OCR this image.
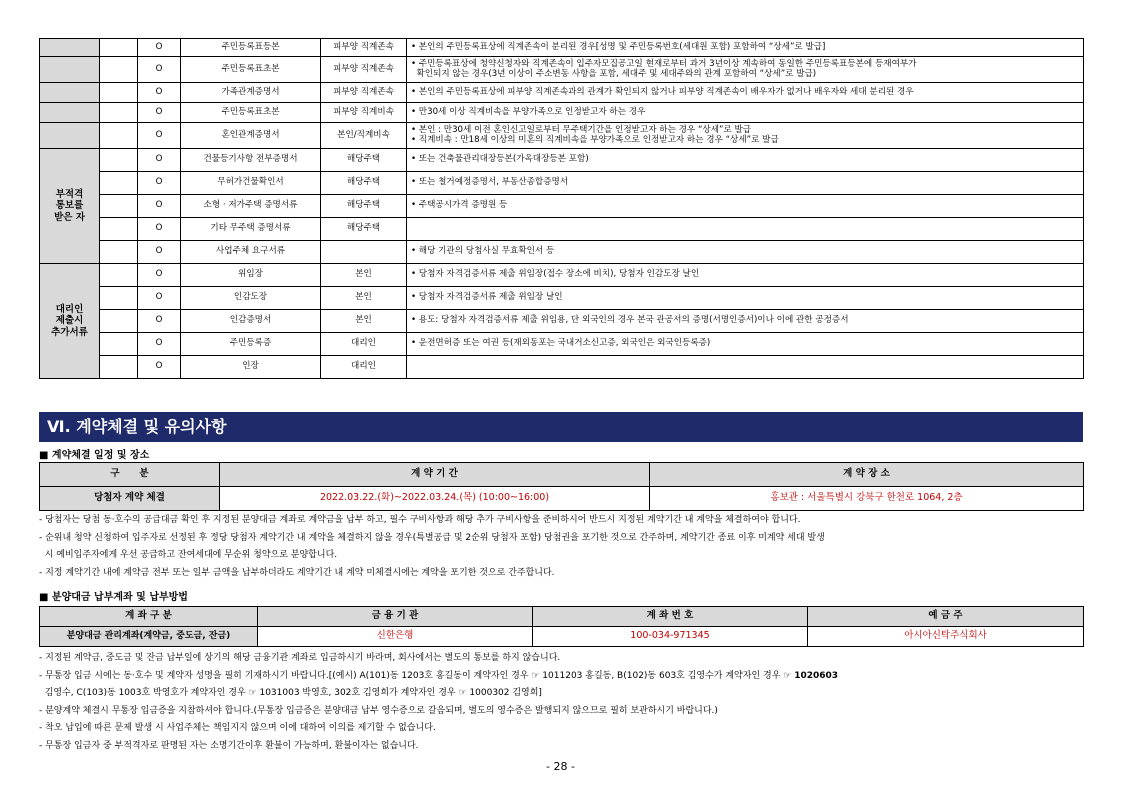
		O	주민등록표등본	피부양 직계존속	• 본인의 주민등록표상에 직계존속이 분리된 경우[성명 및 주민등록번호(세대원 포함) 포함하여 “상세”로 발급]
		O	주민등록표초본	피부양 직계존속	• 주민등록표상에 청약신청자와 직계존속이 입주자모집공고일 현재로부터 과거 3년이상 계속하여 동일한 주민등록표등본에 등재여부가
확인되지 않는 경우(3년 이상이 주소변동 사항을 포함, 세대주 및 세대주와의 관계 포함하여 “상세”로 발급)
		O	가족관계증명서	피부양 직계존속	• 본인의 주민등록표상에 피부양 직계존속과의 관계가 확인되지 않거나 피부양 직계존속이 배우자가 없거나 배우자와 세대 분리된 경우
		O	주민등록표초본	피부양 직계비속	• 만30세 이상 직계비속을 부양가족으로 인정받고자 하는 경우
		O	혼인관계증명서	본인/직계비속	• 본인 : 만30세 이전 혼인신고일로부터 무주택기간을 인정받고자 하는 경우 “상세”로 발급
• 직계비속 : 만18세 이상의 미혼의 직계비속을 부양가족으로 인정받고자 하는 경우 “상세”로 발급
부적격
통보를
받은 자		O	건물등기사항 전부증명서	해당주택	• 또는 건축물관리대장등본(가옥대장등본 포함)
		O	무허가건물확인서	해당주택	• 또는 철거예정증명서, 부동산종합증명서
		O	소형 · 저가주택 증명서류	해당주택	• 주택공시가격 증명원 등
		O	기타 무주택 증명서류	해당주택	
		O	사업주체 요구서류		• 해당 기관의 당첨사실 무효확인서 등
대리인
제출시
추가서류		O	위임장	본인	• 당첨자 자격검증서류 제출 위임장(접수 장소에 비치), 당첨자 인감도장 날인
		O	인감도장	본인	• 당첨자 자격검증서류 제출 위임장 날인
		O	인감증명서	본인	• 용도: 당첨자 자격검증서류 제출 위임용, 단 외국인의 경우 본국 관공서의 증명(서명인증서)이나 이에 관한 공정증서
		O	주민등록증	대리인	• 운전면허증 또는 여권 등(재외동포는 국내거소신고증, 외국인은 외국인등록증)
		O	인장	대리인	
Ⅵ. 계약체결 및 유의사항
■ 계약체결 일정 및 장소
구      분	계 약 기 간	계 약 장 소
당첨자 계약 체결	2022.03.22.(화)~2022.03.24.(목) (10:00~16:00)	홍보관 : 서울특별시 강북구 한천로 1064, 2층
- 당첨자는 당첨 동·호수의 공급대금 확인 후 지정된 분양대금 계좌로 계약금을 납부 하고, 필수 구비사항과 해당 추가 구비사항을 준비하시어 반드시 지정된 계약기간 내 계약을 체결하여야 합니다.
- 순위내 청약 신청하여 입주자로 선정된 후 정당 당첨자 계약기간 내 계약을 체결하지 않을 경우(특별공급 및 2순위 당첨자 포함) 당첨권을 포기한 것으로 간주하며, 계약기간 종료 이후 미계약 세대 발생
시 예비입주자에게 우선 공급하고 잔여세대에 무순위 청약으로 분양합니다.
- 지정 계약기간 내에 계약금 전부 또는 일부 금액을 납부하더라도 계약기간 내 계약 미체결시에는 계약을 포기한 것으로 간주합니다.
■ 분양대금 납부계좌 및 납부방법
계 좌 구 분	금 융 기 관	계 좌 번 호	예 금 주
분양대금 관리계좌(계약금, 중도금, 잔금)	신한은행	100-034-971345	아시아신탁주식회사
- 지정된 계약금, 중도금 및 잔금 납부일에 상기의 해당 금융기관 계좌로 입금하시기 바라며, 회사에서는 별도의 통보를 하지 않습니다.
- 무통장 입금 시에는 동·호수 및 계약자 성명을 필히 기재하시기 바랍니다.[(예시) A(101)동 1203호 홍길동이 계약자인 경우 ☞ 1011203 홍길동, B(102)동 603호 김영수가 계약자인 경우 ☞ 1020603
김영수, C(103)동 1003호 박영호가 계약자인 경우 ☞ 1031003 박영호, 302호 김영희가 계약자인 경우 ☞ 1000302 김영희]
- 분양계약 체결시 무통장 입금증을 지참하셔야 합니다.(무통장 입금증은 분양대금 납부 영수증으로 갈음되며, 별도의 영수증은 발행되지 않으므로 필히 보관하시기 바랍니다.)
- 착오 납입에 따른 문제 발생 시 사업주체는 책임지지 않으며 이에 대하여 이의를 제기할 수 없습니다.
- 무통장 입금자 중 부적격자로 판명된 자는 소명기간이후 환불이 가능하며, 환불이자는 없습니다.
- 28 -
